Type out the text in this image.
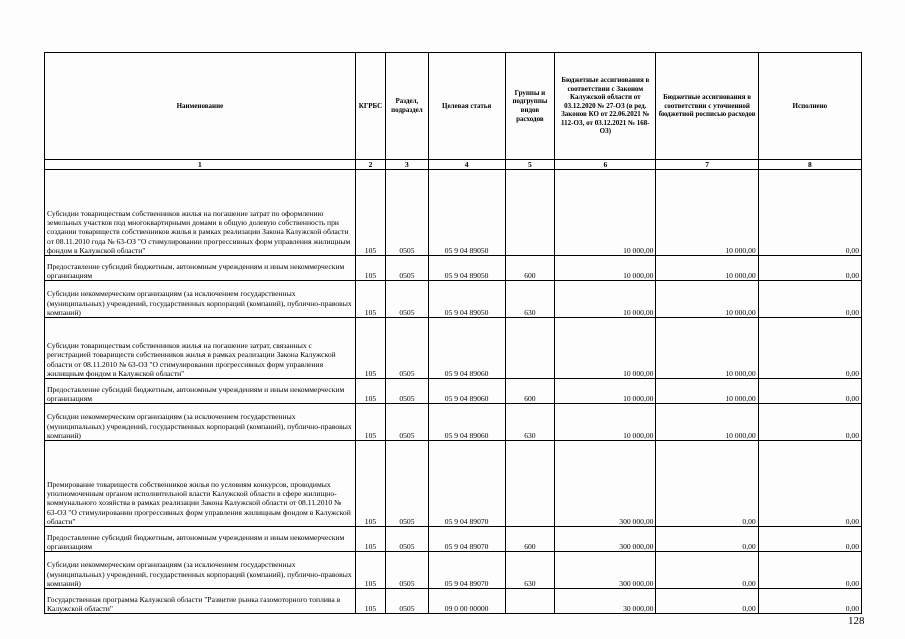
Наименование	КГРБС	Раздел, подраздел	Целевая статья	Группы и подгруппы видов расходов	Бюджетные ассигнования в соответствии с Законом Калужской области от 03.12.2020 № 27-ОЗ (в ред. Законов КО от 22.06.2021 № 112-ОЗ, от 03.12.2021 № 168-ОЗ)	Бюджетные ассигнования в соответствии с уточненной бюджетной росписью расходов	Исполнено
1	2	3	4	5	6	7	8
Субсидии товариществам собственников жилья на погашение затрат по оформлению земельных участков под многоквартирными домами в общую долевую собственность при создании товариществ собственников жилья в рамках реализации Закона Калужской области от 08.11.2010 года № 63-ОЗ "О стимулировании прогрессивных форм управления жилищным фондом в Калужской области"	105	0505	05 9 04 89050		10 000,00	10 000,00	0,00
Предоставление субсидий бюджетным, автономным учреждениям и иным некоммерческим организациям	105	0505	05 9 04 89050	600	10 000,00	10 000,00	0,00
Субсидии некоммерческим организациям (за исключением государственных (муниципальных) учреждений, государственных корпораций (компаний), публично-правовых компаний)	105	0505	05 9 04 89050	630	10 000,00	10 000,00	0,00
Субсидии товариществам собственников жилья на погашение затрат, связанных с регистрацией товариществ собственников жилья в рамках реализации Закона Калужской области от 08.11.2010 № 63-ОЗ "О стимулировании прогрессивных форм управления жилищным фондом в Калужской области"	105	0505	05 9 04 89060		10 000,00	10 000,00	0,00
Предоставление субсидий бюджетным, автономным учреждениям и иным некоммерческим организациям	105	0505	05 9 04 89060	600	10 000,00	10 000,00	0,00
Субсидии некоммерческим организациям (за исключением государственных (муниципальных) учреждений, государственных корпораций (компаний), публично-правовых компаний)	105	0505	05 9 04 89060	630	10 000,00	10 000,00	0,00
Премирование товариществ собственников жилья по условиям конкурсов, проводимых уполномоченным органом исполнительной власти Калужской области в сфере жилищно-коммунального хозяйства в рамках реализации Закона Калужской области от 08.11.2010 № 63-ОЗ "О стимулировании прогрессивных форм управления жилищным фондом в Калужской области"	105	0505	05 9 04 89070		300 000,00	0,00	0,00
Предоставление субсидий бюджетным, автономным учреждениям и иным некоммерческим организациям	105	0505	05 9 04 89070	600	300 000,00	0,00	0,00
Субсидии некоммерческим организациям (за исключением государственных (муниципальных) учреждений, государственных корпораций (компаний), публично-правовых компаний)	105	0505	05 9 04 89070	630	300 000,00	0,00	0,00
Государственная программа Калужской области "Развитие рынка газомоторного топлива в Калужской области"	105	0505	09 0 00 00000		30 000,00	0,00	0,00
128
